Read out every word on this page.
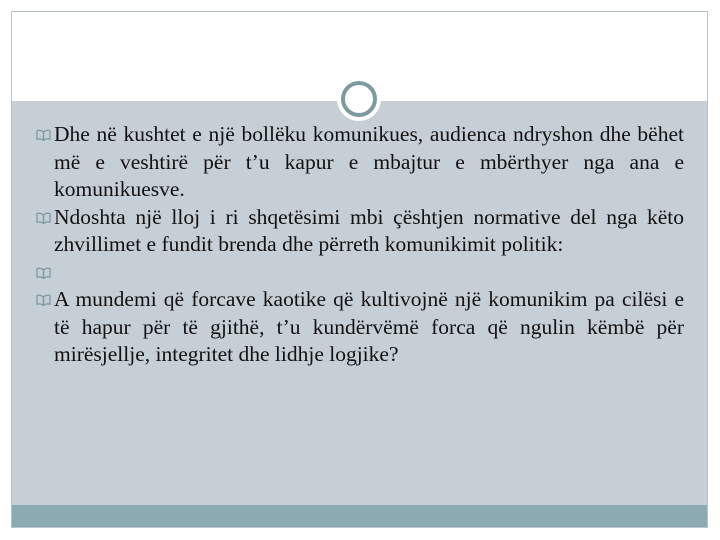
Dhe në kushtet e një bollëku komunikues, audienca ndryshon dhe bëhet më e veshtirë për t’u kapur e mbajtur e mbërthyer nga ana e komunikuesve.

Ndoshta një lloj i ri shqetësimi mbi çështjen normative del nga këto zhvillimet e fundit brenda dhe përreth komunikimit politik:

A mundemi që forcave kaotike që kultivojnë një komunikim pa cilësi e të hapur për të gjithë, t’u kundërvëmë forca që ngulin këmbë për mirësjellje, integritet dhe lidhje logjike?
